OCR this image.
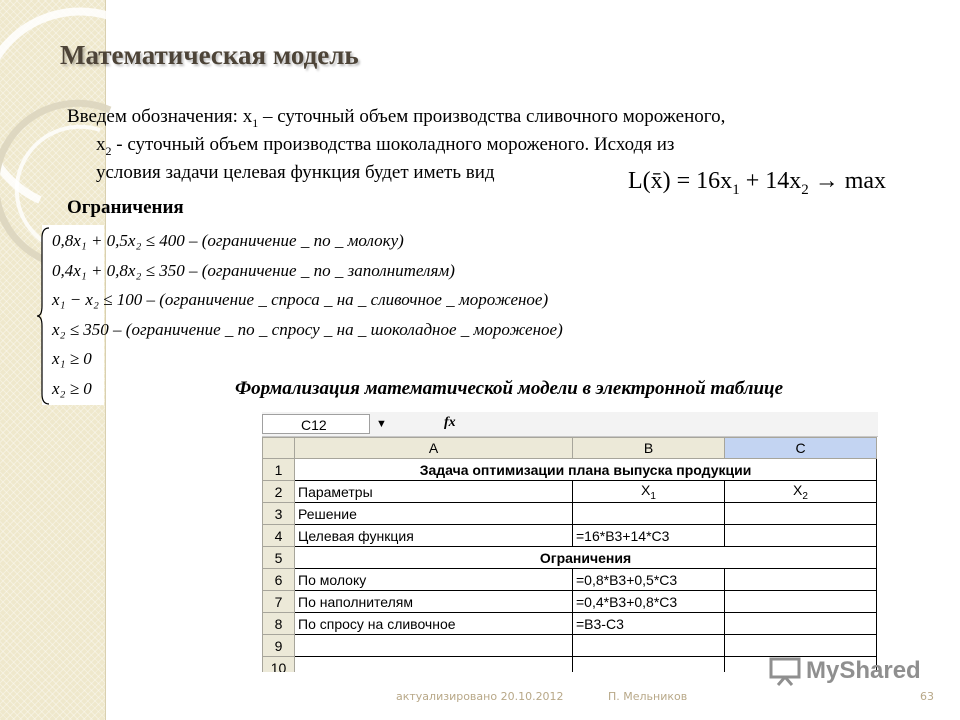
Математическая модель
Введем обозначения: $x_1$ – суточный объем производства сливочного мороженого,
$x_2$ - суточный объем производства шоколадного мороженого. Исходя из
условия задачи целевая функция будет иметь вид	L(x̄) = $16x_1 + 14x_2 \to \max$
Ограничения
0,8x₁ + 0,5x₂ ≤ 400 – (ограничение _ по _ молоку)
0,4x₁ + 0,8x₂ ≤ 350 – (ограничение _ по _ заполнителям)
x₁ − x₂ ≤ 100 – (ограничение _ спроса _ на _ сливочное _ мороженое)
x₂ ≤ 350 – (ограничение _ по _ спросу _ на _ шоколадное _ мороженое)
x₁ ≥ 0
x₂ ≥ 0	Формализация математической модели в электронной таблице
C12	▼	fx
	A	B	C
1	Задача оптимизации плана выпуска продукции		
2	Параметры	$X_1$	$X_2$
3	Решение		
4	Целевая функция	=16*B3+14*C3	
5	Ограничения		
6	По молоку	=0,8*B3+0,5*C3	
7	По наполнителям	=0,4*B3+0,8*C3	
8	По спросу на сливочное	=B3-C3	
9			
10				MyShared
актуализировано 20.10.2012	П. Мельников	63
